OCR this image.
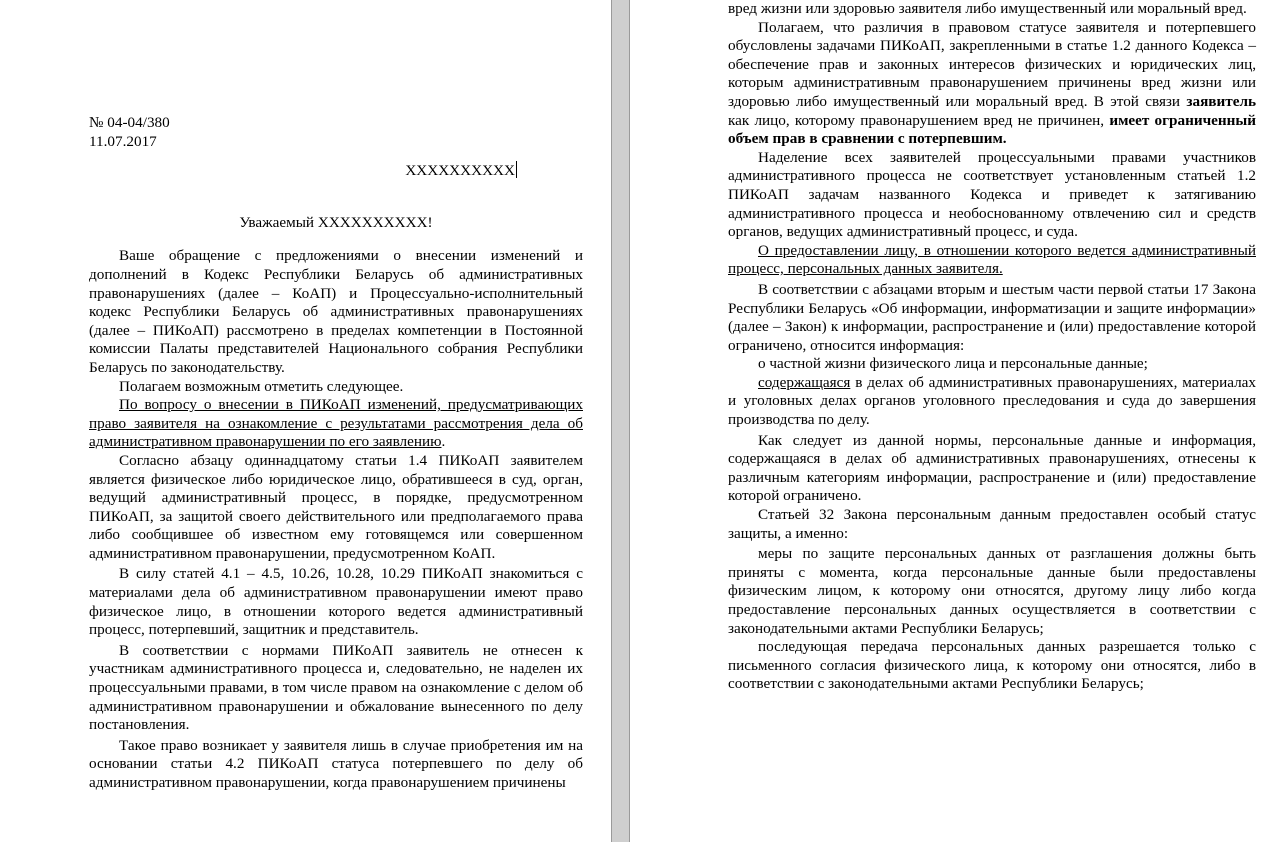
№ 04-04/380

11.07.2017

XXXXXXXXXX

Уважаемый XXXXXXXXXX!

Ваше обращение с предложениями о внесении изменений и дополнений в Кодекс Республики Беларусь об административных правонарушениях (далее – КоАП) и Процессуально-исполнительный кодекс Республики Беларусь об административных правонарушениях (далее – ПИКоАП) рассмотрено в пределах компетенции в Постоянной комиссии Палаты представителей Национального собрания Республики Беларусь по законодательству.

Полагаем возможным отметить следующее.

По вопросу о внесении в ПИКоАП изменений, предусматривающих право заявителя на ознакомление с результатами рассмотрения дела об административном правонарушении по его заявлению.

Согласно абзацу одиннадцатому статьи 1.4 ПИКоАП заявителем является физическое либо юридическое лицо, обратившееся в суд, орган, ведущий административный процесс, в порядке, предусмотренном ПИКоАП, за защитой своего действительного или предполагаемого права либо сообщившее об известном ему готовящемся или совершенном административном правонарушении, предусмотренном КоАП.

В силу статей 4.1 – 4.5, 10.26, 10.28, 10.29 ПИКоАП знакомиться с материалами дела об административном правонарушении имеют право физическое лицо, в отношении которого ведется административный процесс, потерпевший, защитник и представитель.

В соответствии с нормами ПИКоАП заявитель не отнесен к участникам административного процесса и, следовательно, не наделен их процессуальными правами, в том числе правом на ознакомление с делом об административном правонарушении и обжалование вынесенного по делу постановления.

Такое право возникает у заявителя лишь в случае приобретения им на основании статьи 4.2 ПИКоАП статуса потерпевшего по делу об административном правонарушении, когда правонарушением причинены

вред жизни или здоровью заявителя либо имущественный или моральный вред.

Полагаем, что различия в правовом статусе заявителя и потерпевшего обусловлены задачами ПИКоАП, закрепленными в статье 1.2 данного Кодекса – обеспечение прав и законных интересов физических и юридических лиц, которым административным правонарушением причинены вред жизни или здоровью либо имущественный или моральный вред. В этой связи заявитель как лицо, которому правонарушением вред не причинен, имеет ограниченный объем прав в сравнении с потерпевшим.

Наделение всех заявителей процессуальными правами участников административного процесса не соответствует установленным статьей 1.2 ПИКоАП задачам названного Кодекса и приведет к затягиванию административного процесса и необоснованному отвлечению сил и средств органов, ведущих административный процесс, и суда.

О предоставлении лицу, в отношении которого ведется административный процесс, персональных данных заявителя.

В соответствии с абзацами вторым и шестым части первой статьи 17 Закона Республики Беларусь «Об информации, информатизации и защите информации» (далее – Закон) к информации, распространение и (или) предоставление которой ограничено, относится информация:

о частной жизни физического лица и персональные данные;

содержащаяся в делах об административных правонарушениях, материалах и уголовных делах органов уголовного преследования и суда до завершения производства по делу.

Как следует из данной нормы, персональные данные и информация, содержащаяся в делах об административных правонарушениях, отнесены к различным категориям информации, распространение и (или) предоставление которой ограничено.

Статьей 32 Закона персональным данным предоставлен особый статус защиты, а именно:

меры по защите персональных данных от разглашения должны быть приняты с момента, когда персональные данные были предоставлены физическим лицом, к которому они относятся, другому лицу либо когда предоставление персональных данных осуществляется в соответствии с законодательными актами Республики Беларусь;

последующая передача персональных данных разрешается только с письменного согласия физического лица, к которому они относятся, либо в соответствии с законодательными актами Республики Беларусь;
